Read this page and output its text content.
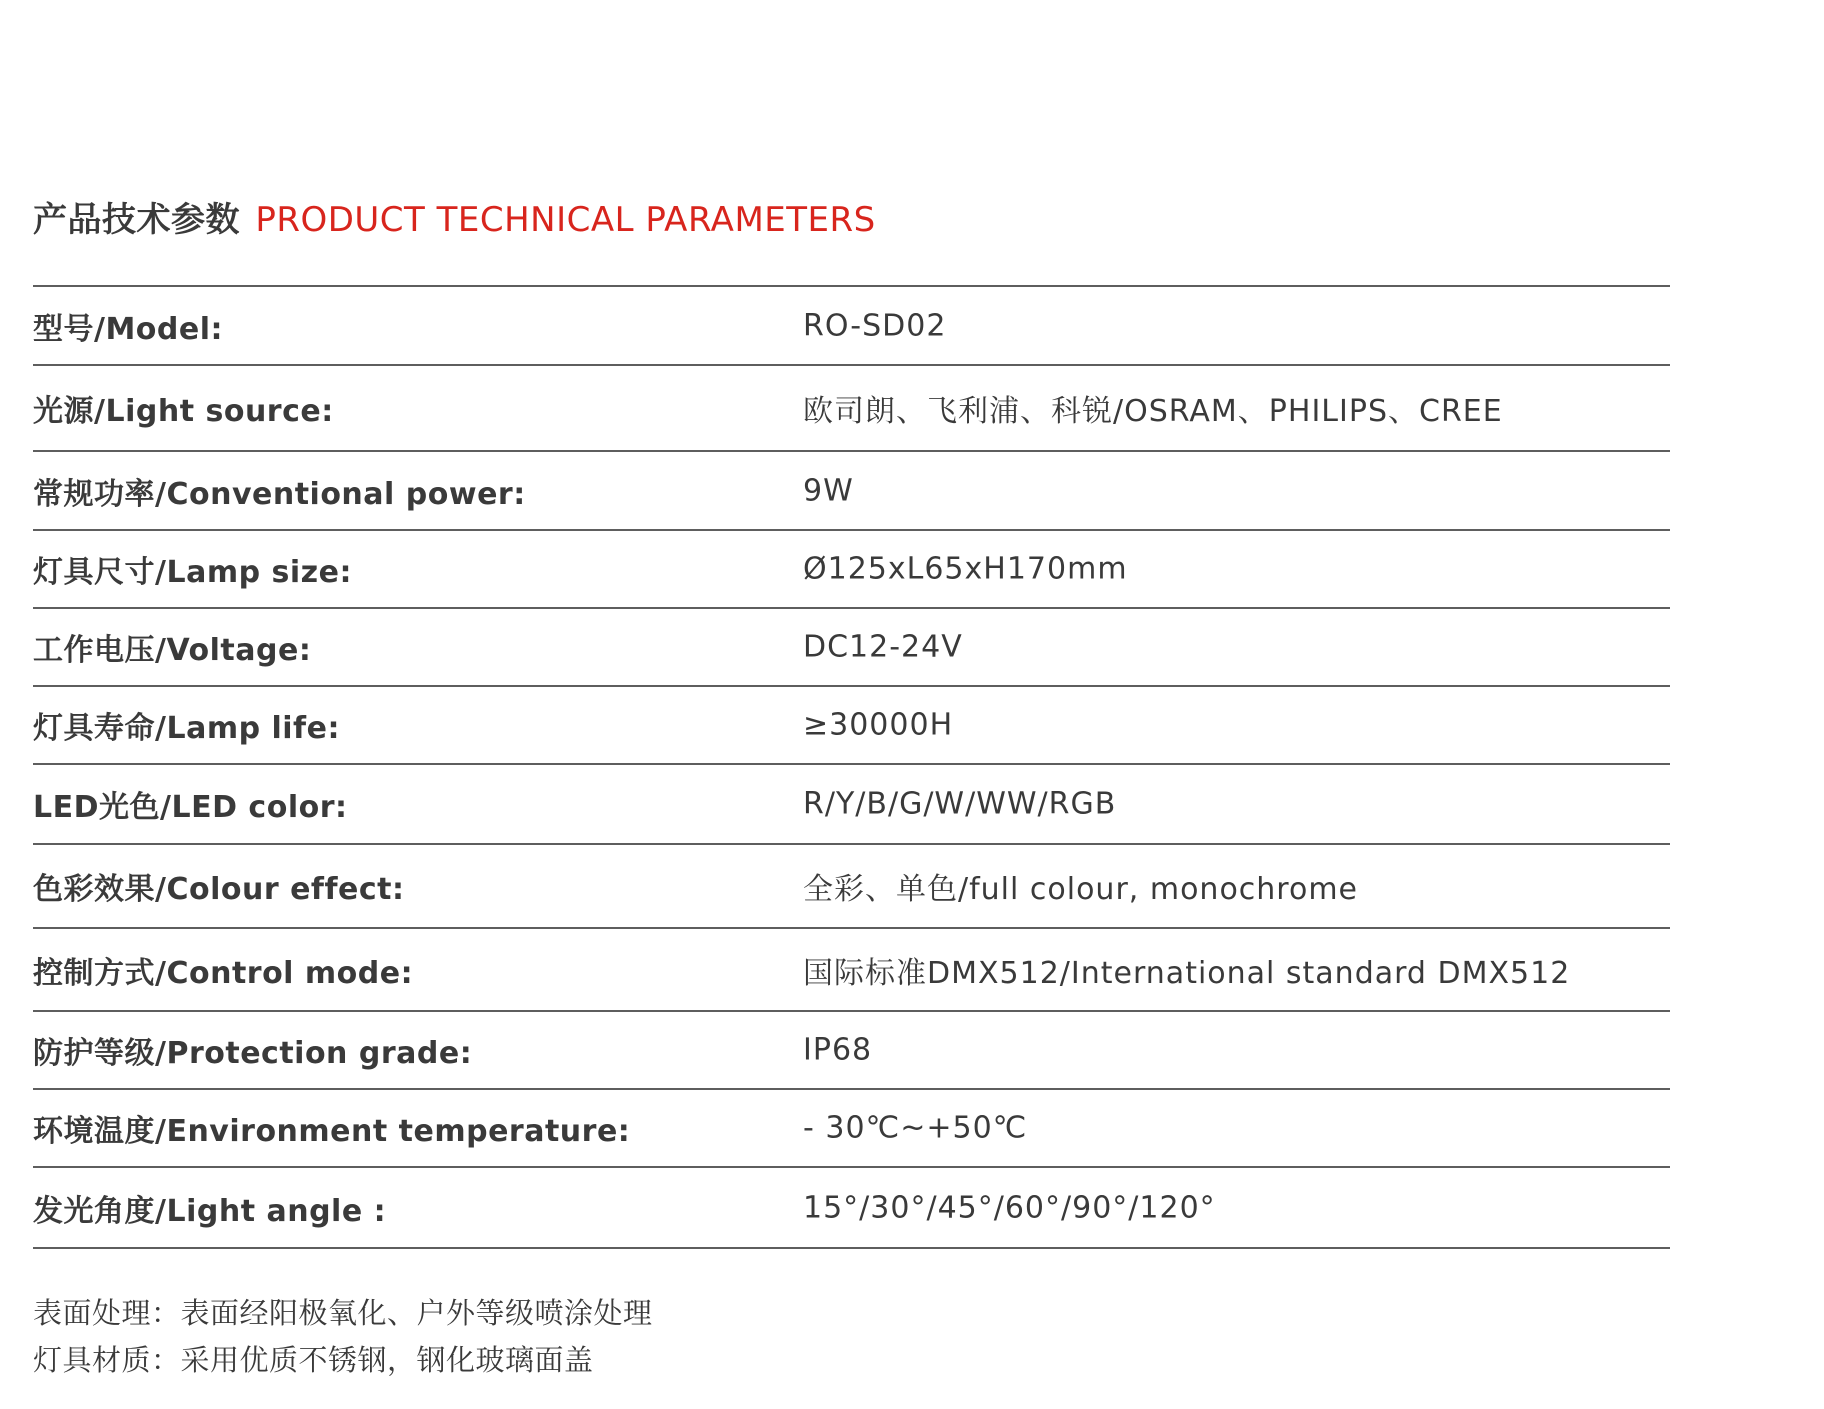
产品技术参数 PRODUCT TECHNICAL PARAMETERS
型号/Model:	RO-SD02
光源/Light source:	欧司朗、飞利浦、科锐/OSRAM、PHILIPS、CREE
常规功率/Conventional power:	9W
灯具尺寸/Lamp size:	Ø125xL65xH170mm
工作电压/Voltage:	DC12-24V
灯具寿命/Lamp life:	≥30000H
LED光色/LED color:	R/Y/B/G/W/WW/RGB
色彩效果/Colour effect:	全彩、单色/full colour, monochrome
控制方式/Control mode:	国际标准DMX512/International standard DMX512
防护等级/Protection grade:	IP68
环境温度/Environment temperature:	- 30℃~+50℃
发光角度/Light angle :	15°/30°/45°/60°/90°/120°
表面处理：表面经阳极氧化、户外等级喷涂处理
灯具材质：采用优质不锈钢，钢化玻璃面盖
